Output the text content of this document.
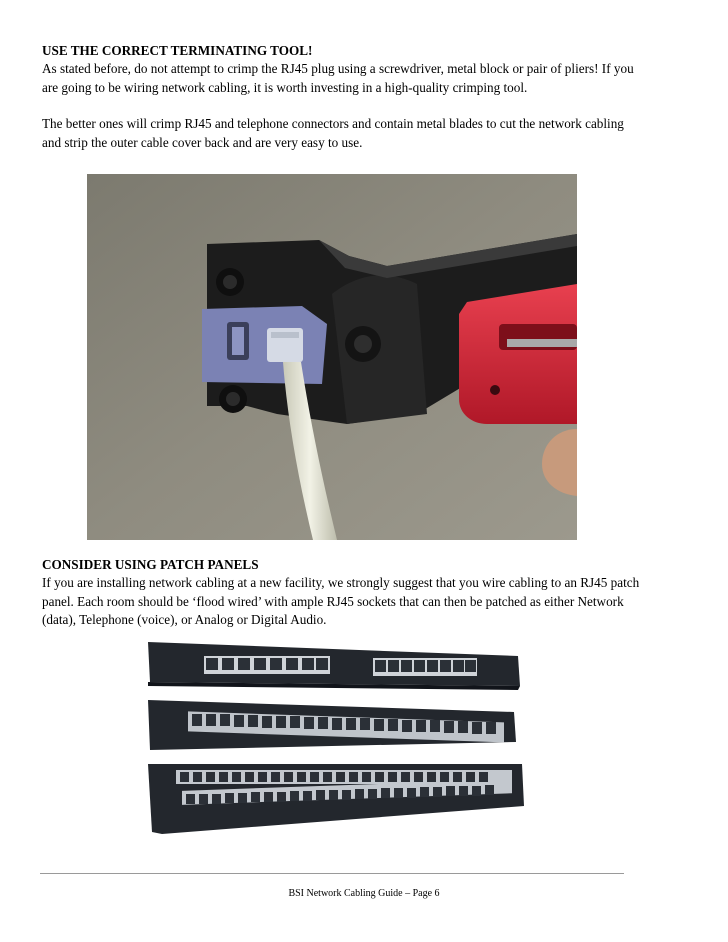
USE THE CORRECT TERMINATING TOOL!

As stated before, do not attempt to crimp the RJ45 plug using a screwdriver, metal block or pair of pliers! If you are going to be wiring network cabling, it is worth investing in a high-quality crimping tool.

The better ones will crimp RJ45 and telephone connectors and contain metal blades to cut the network cabling and strip the outer cable cover back and are very easy to use.

CONSIDER USING PATCH PANELS

If you are installing network cabling at a new facility, we strongly suggest that you wire cabling to an RJ45 patch panel. Each room should be ‘flood wired’ with ample RJ45 sockets that can then be patched as either Network (data), Telephone (voice), or Analog or Digital Audio.

BSI Network Cabling Guide – Page 6
